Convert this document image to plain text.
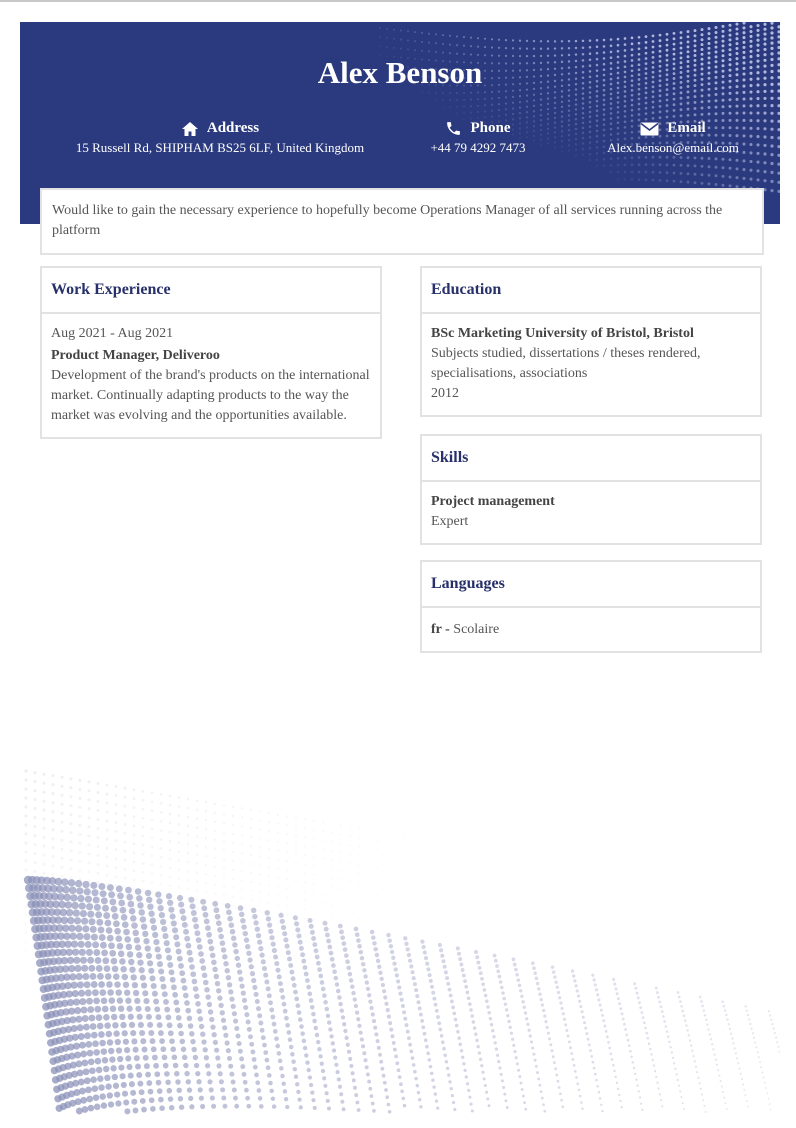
Alex Benson
Address
15 Russell Rd, SHIPHAM BS25 6LF, United Kingdom
Phone
+44 79 4292 7473
Email
Alex.benson@email.com
Would like to gain the necessary experience to hopefully become Operations Manager of all services running across the platform
Work Experience
Aug 2021 - Aug 2021
Product Manager, Deliveroo
Development of the brand's products on the international market. Continually adapting products to the way the market was evolving and the opportunities available.
Education
BSc Marketing University of Bristol, Bristol
Subjects studied, dissertations / theses rendered, specialisations, associations
2012
Skills
Project management
Expert
Languages
fr - Scolaire
